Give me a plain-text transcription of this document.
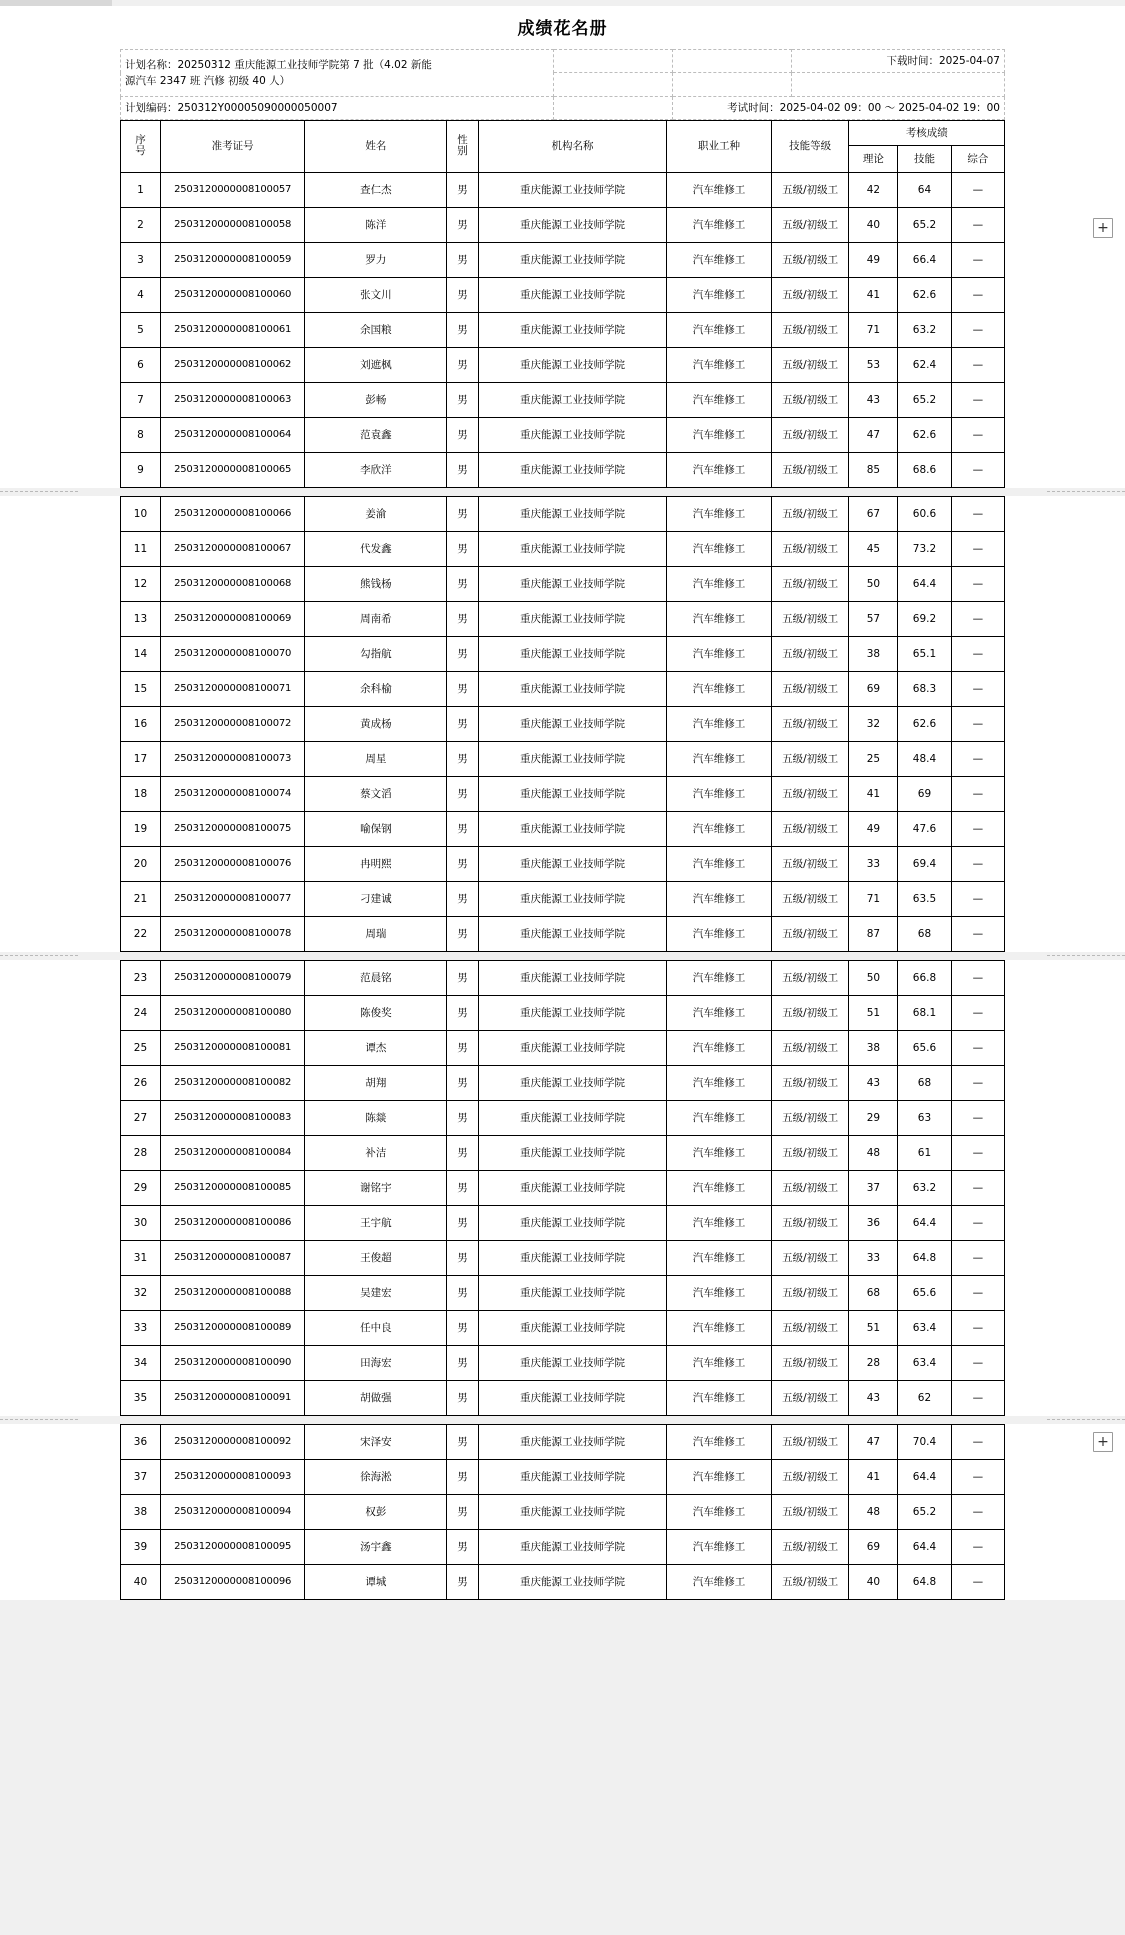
成绩花名册
计划名称：20250312 重庆能源工业技师学院第 7 批（4.02 新能
源汽车 2347 班 汽修 初级 40 人）			下载时间：2025-04-07

计划编码：250312Y00005090000050007		考试时间：2025-04-02 09：00 ～ 2025-04-02 19：00	
序
号	准考证号	姓名	性
别	机构名称	职业工种	技能等级	考核成绩
							理论	技能	综合
1	2503120000008100057	查仁杰	男	重庆能源工业技师学院	汽车维修工	五级/初级工	42	64	—
2	2503120000008100058	陈洋	男	重庆能源工业技师学院	汽车维修工	五级/初级工	40	65.2	—
3	2503120000008100059	罗力	男	重庆能源工业技师学院	汽车维修工	五级/初级工	49	66.4	—
4	2503120000008100060	张文川	男	重庆能源工业技师学院	汽车维修工	五级/初级工	41	62.6	—
5	2503120000008100061	余国粮	男	重庆能源工业技师学院	汽车维修工	五级/初级工	71	63.2	—
6	2503120000008100062	刘遮枫	男	重庆能源工业技师学院	汽车维修工	五级/初级工	53	62.4	—
7	2503120000008100063	彭畅	男	重庆能源工业技师学院	汽车维修工	五级/初级工	43	65.2	—
8	2503120000008100064	范袁鑫	男	重庆能源工业技师学院	汽车维修工	五级/初级工	47	62.6	—
9	2503120000008100065	李欣洋	男	重庆能源工业技师学院	汽车维修工	五级/初级工	85	68.6	—
+
10	2503120000008100066	姜渝	男	重庆能源工业技师学院	汽车维修工	五级/初级工	67	60.6	—
11	2503120000008100067	代发鑫	男	重庆能源工业技师学院	汽车维修工	五级/初级工	45	73.2	—
12	2503120000008100068	熊钱杨	男	重庆能源工业技师学院	汽车维修工	五级/初级工	50	64.4	—
13	2503120000008100069	周南希	男	重庆能源工业技师学院	汽车维修工	五级/初级工	57	69.2	—
14	2503120000008100070	勾指航	男	重庆能源工业技师学院	汽车维修工	五级/初级工	38	65.1	—
15	2503120000008100071	余科榆	男	重庆能源工业技师学院	汽车维修工	五级/初级工	69	68.3	—
16	2503120000008100072	黄成杨	男	重庆能源工业技师学院	汽车维修工	五级/初级工	32	62.6	—
17	2503120000008100073	周星	男	重庆能源工业技师学院	汽车维修工	五级/初级工	25	48.4	—
18	2503120000008100074	蔡文滔	男	重庆能源工业技师学院	汽车维修工	五级/初级工	41	69	—
19	2503120000008100075	喻保钢	男	重庆能源工业技师学院	汽车维修工	五级/初级工	49	47.6	—
20	2503120000008100076	冉明熙	男	重庆能源工业技师学院	汽车维修工	五级/初级工	33	69.4	—
21	2503120000008100077	刁建诚	男	重庆能源工业技师学院	汽车维修工	五级/初级工	71	63.5	—
22	2503120000008100078	周瑞	男	重庆能源工业技师学院	汽车维修工	五级/初级工	87	68	—
23	2503120000008100079	范晨铭	男	重庆能源工业技师学院	汽车维修工	五级/初级工	50	66.8	—
24	2503120000008100080	陈俊奖	男	重庆能源工业技师学院	汽车维修工	五级/初级工	51	68.1	—
25	2503120000008100081	谭杰	男	重庆能源工业技师学院	汽车维修工	五级/初级工	38	65.6	—
26	2503120000008100082	胡翔	男	重庆能源工业技师学院	汽车维修工	五级/初级工	43	68	—
27	2503120000008100083	陈燚	男	重庆能源工业技师学院	汽车维修工	五级/初级工	29	63	—
28	2503120000008100084	补洁	男	重庆能源工业技师学院	汽车维修工	五级/初级工	48	61	—
29	2503120000008100085	谢铭宇	男	重庆能源工业技师学院	汽车维修工	五级/初级工	37	63.2	—
30	2503120000008100086	王宇航	男	重庆能源工业技师学院	汽车维修工	五级/初级工	36	64.4	—
31	2503120000008100087	王俊超	男	重庆能源工业技师学院	汽车维修工	五级/初级工	33	64.8	—
32	2503120000008100088	吴建宏	男	重庆能源工业技师学院	汽车维修工	五级/初级工	68	65.6	—
33	2503120000008100089	任中良	男	重庆能源工业技师学院	汽车维修工	五级/初级工	51	63.4	—
34	2503120000008100090	田海宏	男	重庆能源工业技师学院	汽车维修工	五级/初级工	28	63.4	—
35	2503120000008100091	胡做强	男	重庆能源工业技师学院	汽车维修工	五级/初级工	43	62	—
36	2503120000008100092	宋泽安	男	重庆能源工业技师学院	汽车维修工	五级/初级工	47	70.4	—
37	2503120000008100093	徐海淞	男	重庆能源工业技师学院	汽车维修工	五级/初级工	41	64.4	—
38	2503120000008100094	权彭	男	重庆能源工业技师学院	汽车维修工	五级/初级工	48	65.2	—
39	2503120000008100095	汤宇鑫	男	重庆能源工业技师学院	汽车维修工	五级/初级工	69	64.4	—
40	2503120000008100096	谭城	男	重庆能源工业技师学院	汽车维修工	五级/初级工	40	64.8	—
+
